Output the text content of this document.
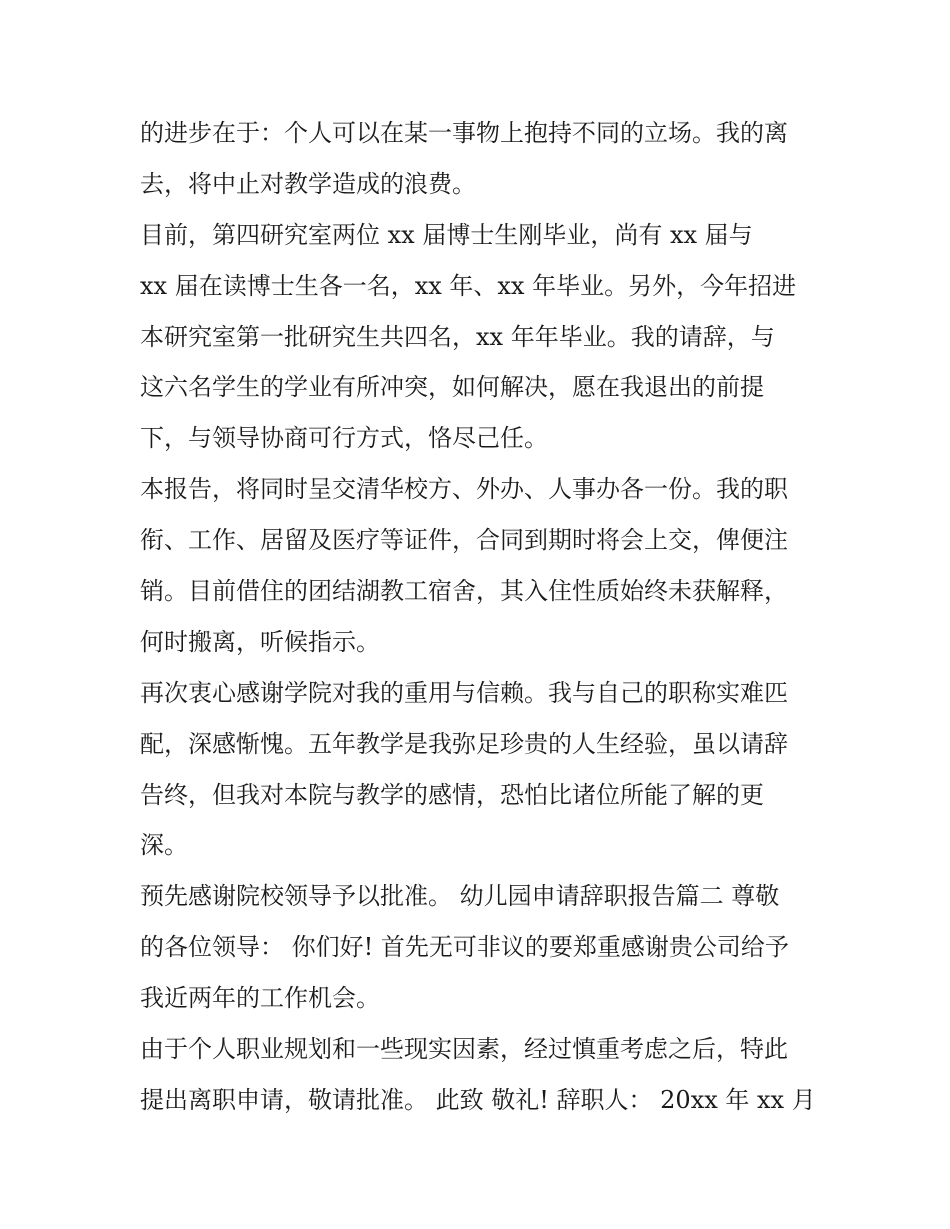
的进步在于：个人可以在某一事物上抱持不同的立场。我的离
去，将中止对教学造成的浪费。
目前，第四研究室两位 xx 届博士生刚毕业，尚有 xx 届与
xx 届在读博士生各一名，xx 年、xx 年毕业。另外，今年招进
本研究室第一批研究生共四名，xx 年年毕业。我的请辞，与
这六名学生的学业有所冲突，如何解决，愿在我退出的前提
下，与领导协商可行方式，恪尽己任。
本报告，将同时呈交清华校方、外办、人事办各一份。我的职
衔、工作、居留及医疗等证件，合同到期时将会上交，俾便注
销。目前借住的团结湖教工宿舍，其入住性质始终未获解释，
何时搬离，听候指示。
再次衷心感谢学院对我的重用与信赖。我与自己的职称实难匹
配，深感惭愧。五年教学是我弥足珍贵的人生经验，虽以请辞
告终，但我对本院与教学的感情，恐怕比诸位所能了解的更
深。
预先感谢院校领导予以批准。 幼儿园申请辞职报告篇二 尊敬
的各位领导： 你们好! 首先无可非议的要郑重感谢贵公司给予
我近两年的工作机会。
由于个人职业规划和一些现实因素，经过慎重考虑之后，特此
提出离职申请，敬请批准。 此致 敬礼! 辞职人： 20xx 年 xx 月
